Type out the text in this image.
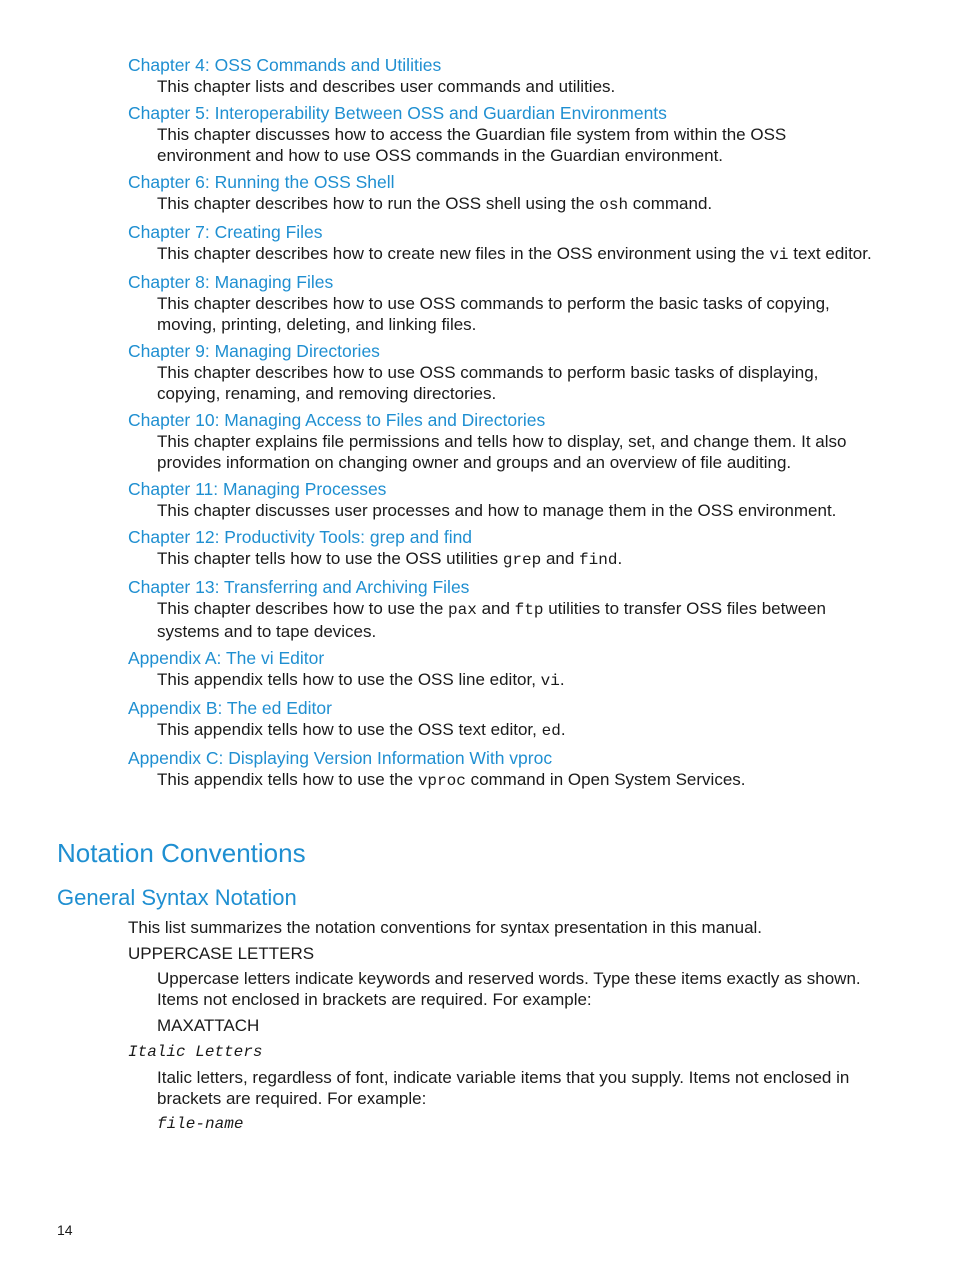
Chapter 4: OSS Commands and Utilities
This chapter lists and describes user commands and utilities.
Chapter 5: Interoperability Between OSS and Guardian Environments
This chapter discusses how to access the Guardian file system from within the OSS environment and how to use OSS commands in the Guardian environment.
Chapter 6: Running the OSS Shell
This chapter describes how to run the OSS shell using the osh command.
Chapter 7: Creating Files
This chapter describes how to create new files in the OSS environment using the vi text editor.
Chapter 8: Managing Files
This chapter describes how to use OSS commands to perform the basic tasks of copying, moving, printing, deleting, and linking files.
Chapter 9: Managing Directories
This chapter describes how to use OSS commands to perform basic tasks of displaying, copying, renaming, and removing directories.
Chapter 10: Managing Access to Files and Directories
This chapter explains file permissions and tells how to display, set, and change them. It also provides information on changing owner and groups and an overview of file auditing.
Chapter 11: Managing Processes
This chapter discusses user processes and how to manage them in the OSS environment.
Chapter 12: Productivity Tools: grep and find
This chapter tells how to use the OSS utilities grep and find.
Chapter 13: Transferring and Archiving Files
This chapter describes how to use the pax and ftp utilities to transfer OSS files between systems and to tape devices.
Appendix A: The vi Editor
This appendix tells how to use the OSS line editor, vi.
Appendix B: The ed Editor
This appendix tells how to use the OSS text editor, ed.
Appendix C: Displaying Version Information With vproc
This appendix tells how to use the vproc command in Open System Services.
Notation Conventions
General Syntax Notation

This list summarizes the notation conventions for syntax presentation in this manual.

UPPERCASE LETTERS

Uppercase letters indicate keywords and reserved words. Type these items exactly as shown. Items not enclosed in brackets are required. For example:

MAXATTACH

Italic Letters

Italic letters, regardless of font, indicate variable items that you supply. Items not enclosed in brackets are required. For example:

file-name

14
